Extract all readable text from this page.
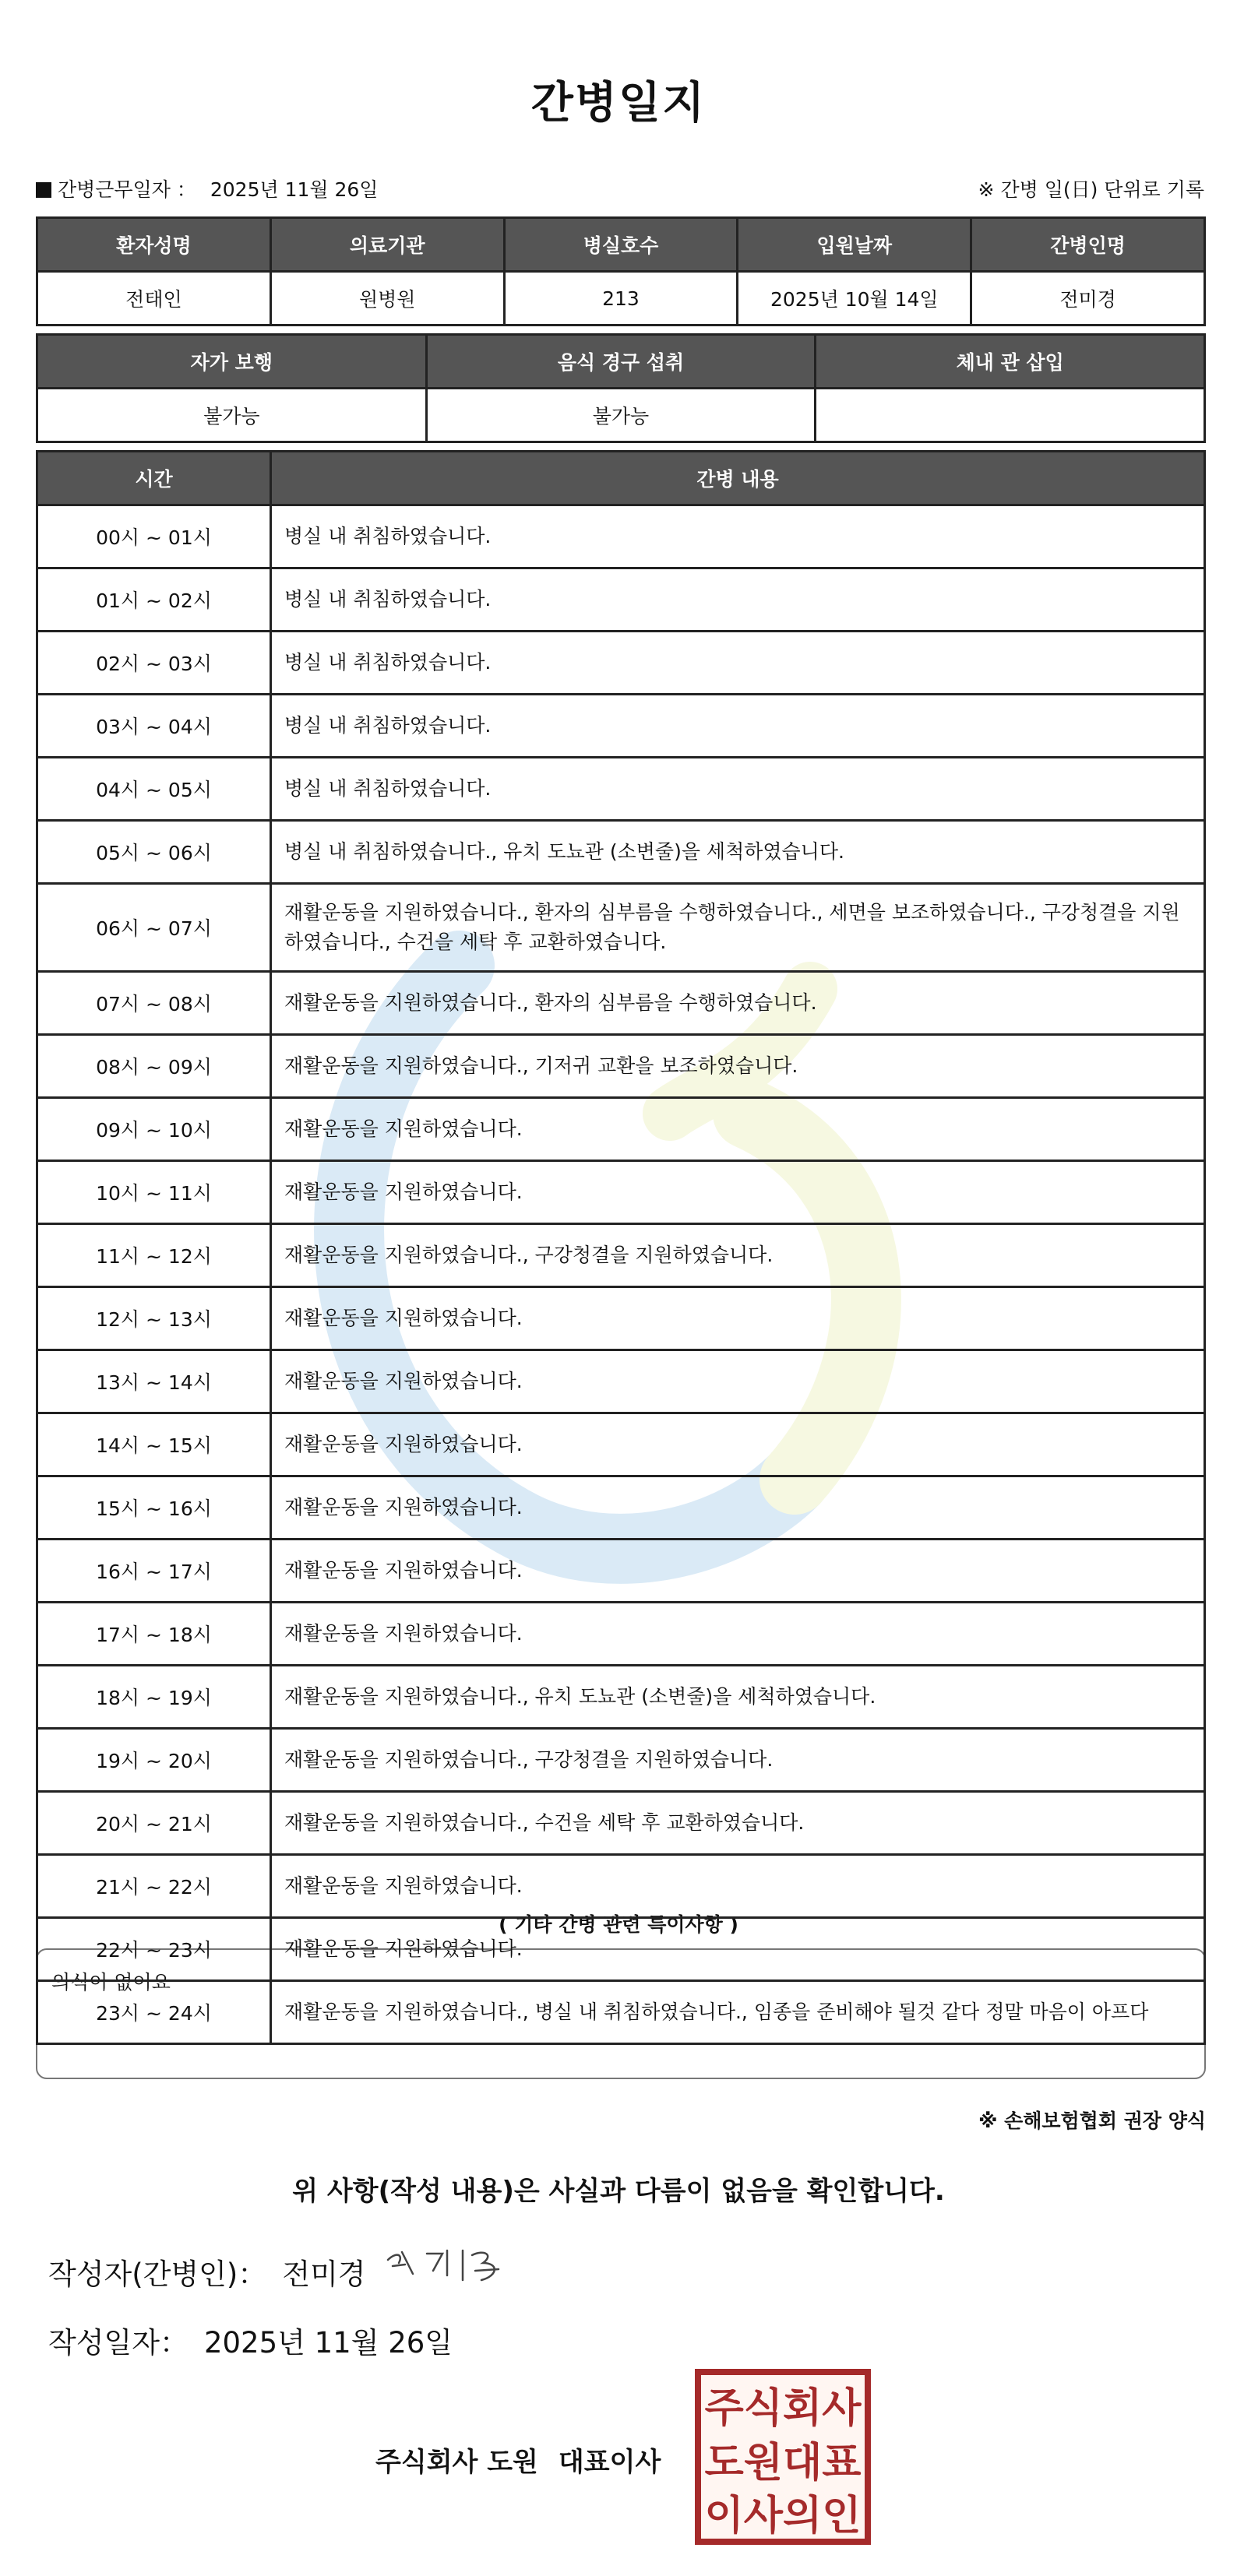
간병일지
간병근무일자 ： 2025년 11월 26일	※ 간병 일(日) 단위로 기록
환자성명	의료기관	병실호수	입원날짜	간병인명
전태인	원병원	213	2025년 10월 14일	전미경
자가 보행	음식 경구 섭취	체내 관 삽입
불가능	불가능	
시간	간병 내용
00시 ~ 01시	병실 내 취침하였습니다.
01시 ~ 02시	병실 내 취침하였습니다.
02시 ~ 03시	병실 내 취침하였습니다.
03시 ~ 04시	병실 내 취침하였습니다.
04시 ~ 05시	병실 내 취침하였습니다.
05시 ~ 06시	병실 내 취침하였습니다., 유치 도뇨관 (소변줄)을 세척하였습니다.
06시 ~ 07시	재활운동을 지원하였습니다., 환자의 심부름을 수행하였습니다., 세면을 보조하였습니다., 구강청결을 지원하였습니다., 수건을 세탁 후 교환하였습니다.
07시 ~ 08시	재활운동을 지원하였습니다., 환자의 심부름을 수행하였습니다.
08시 ~ 09시	재활운동을 지원하였습니다., 기저귀 교환을 보조하였습니다.
09시 ~ 10시	재활운동을 지원하였습니다.
10시 ~ 11시	재활운동을 지원하였습니다.
11시 ~ 12시	재활운동을 지원하였습니다., 구강청결을 지원하였습니다.
12시 ~ 13시	재활운동을 지원하였습니다.
13시 ~ 14시	재활운동을 지원하였습니다.
14시 ~ 15시	재활운동을 지원하였습니다.
15시 ~ 16시	재활운동을 지원하였습니다.
16시 ~ 17시	재활운동을 지원하였습니다.
17시 ~ 18시	재활운동을 지원하였습니다.
18시 ~ 19시	재활운동을 지원하였습니다., 유치 도뇨관 (소변줄)을 세척하였습니다.
19시 ~ 20시	재활운동을 지원하였습니다., 구강청결을 지원하였습니다.
20시 ~ 21시	재활운동을 지원하였습니다., 수건을 세탁 후 교환하였습니다.
21시 ~ 22시	재활운동을 지원하였습니다.
22시 ~ 23시	재활운동을 지원하였습니다.
23시 ~ 24시	재활운동을 지원하였습니다., 병실 내 취침하였습니다., 임종을 준비해야 될것 같다 정말 마음이 아프다
( 기타 간병 관련 특이사항 )
의식이 없어요
※ 손해보험협회 권장 양식
위 사항(작성 내용)은 사실과 다름이 없음을 확인합니다.
작성자(간병인)： 전미경
작성일자： 2025년 11월 26일
주식회사 도원 대표이사
주식회사
도원대표
이사의인
